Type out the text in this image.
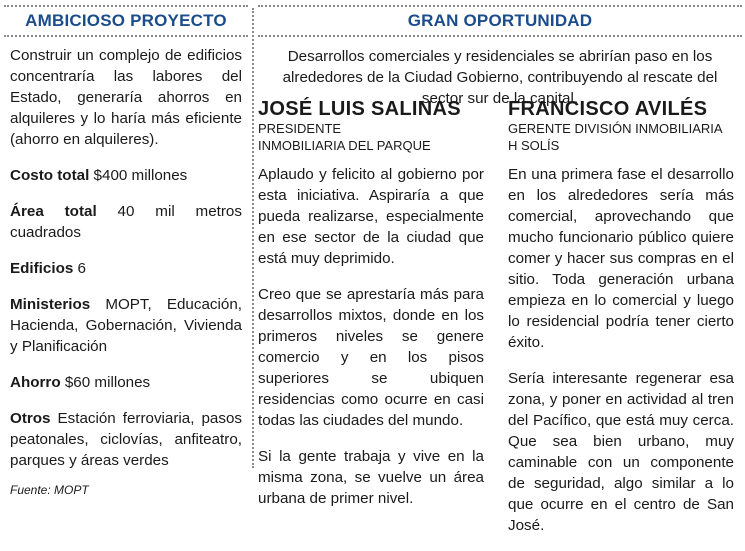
AMBICIOSO PROYECTO

Construir un complejo de edificios concentraría las labores del Estado, generaría ahorros en alquileres y lo haría más eficiente (ahorro en alquileres).

Costo total $400 millones

Área total 40 mil metros cuadrados

Edificios 6

Ministerios MOPT, Educación, Hacienda, Gobernación, Vivienda y Planificación

Ahorro $60 millones

Otros Estación ferroviaria, pasos peatonales, ciclovías, anfiteatro, parques y áreas verdes

Fuente: MOPT
GRAN OPORTUNIDAD
Desarrollos comerciales y residenciales se abrirían paso en los alrededores de la Ciudad Gobierno, contribuyendo al rescate del sector sur de la capital.
JOSÉ LUIS SALINAS
PRESIDENTE
INMOBILIARIA DEL PARQUE

Aplaudo y felicito al gobierno por esta iniciativa. Aspiraría a que pueda realizarse, especialmente en ese sector de la ciudad que está muy deprimido.

Creo que se aprestaría más para desarrollos mixtos, donde en los primeros niveles se genere comercio y en los pisos superiores se ubiquen residencias como ocurre en casi todas las ciudades del mundo.

Si la gente trabaja y vive en la misma zona, se vuelve un área urbana de primer nivel.

FRANCISCO AVILÉS
GERENTE DIVISIÓN INMOBILIARIA
H SOLÍS

En una primera fase el desarrollo en los alrededores sería más comercial, aprovechando que mucho funcionario público quiere comer y hacer sus compras en el sitio. Toda generación urbana empieza en lo comercial y luego lo residencial podría tener cierto éxito.

Sería interesante regenerar esa zona, y poner en actividad al tren del Pacífico, que está muy cerca. Que sea bien urbano, muy caminable con un componente de seguridad, algo similar a lo que ocurre en el centro de San José.
